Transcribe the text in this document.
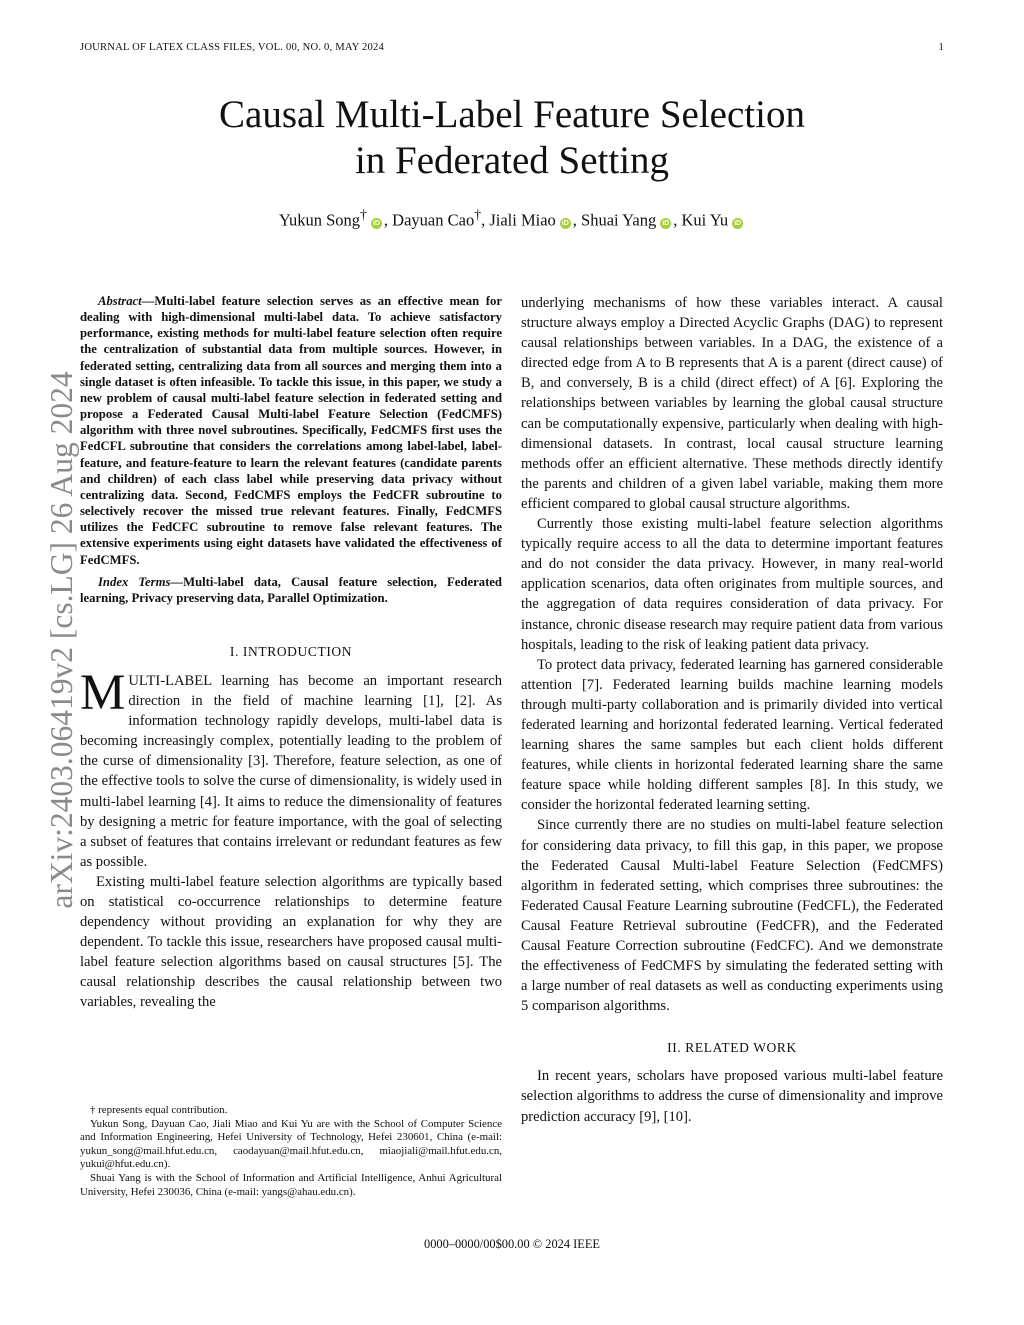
JOURNAL OF LATEX CLASS FILES, VOL. 00, NO. 0, MAY 2024	1
arXiv:2403.06419v2 [cs.LG] 26 Aug 2024
Causal Multi-Label Feature Selection
in Federated Setting
Yukun Song†iD , Dayuan Cao†, Jiali Miao iD , Shuai Yang iD , Kui Yu iD

Abstract—Multi-label feature selection serves as an effective mean for dealing with high-dimensional multi-label data. To achieve satisfactory performance, existing methods for multi-label feature selection often require the centralization of substantial data from multiple sources. However, in federated setting, centralizing data from all sources and merging them into a single dataset is often infeasible. To tackle this issue, in this paper, we study a new problem of causal multi-label feature selection in federated setting and propose a Federated Causal Multi-label Feature Selection (FedCMFS) algorithm with three novel subroutines. Specifically, FedCMFS first uses the FedCFL subroutine that considers the correlations among label-label, label-feature, and feature-feature to learn the relevant features (candidate parents and children) of each class label while preserving data privacy without centralizing data. Second, FedCMFS employs the FedCFR subroutine to selectively recover the missed true relevant features. Finally, FedCMFS utilizes the FedCFC subroutine to remove false relevant features. The extensive experiments using eight datasets have validated the effectiveness of FedCMFS.

Index Terms—Multi-label data, Causal feature selection, Federated learning, Privacy preserving data, Parallel Optimization.

I. INTRODUCTION

MULTI-LABEL learning has become an important research direction in the field of machine learning [1], [2]. As information technology rapidly develops, multi-label data is becoming increasingly complex, potentially leading to the problem of the curse of dimensionality [3]. Therefore, feature selection, as one of the effective tools to solve the curse of dimensionality, is widely used in multi-label learning [4]. It aims to reduce the dimensionality of features by designing a metric for feature importance, with the goal of selecting a subset of features that contains irrelevant or redundant features as few as possible.

Existing multi-label feature selection algorithms are typically based on statistical co-occurrence relationships to determine feature dependency without providing an explanation for why they are dependent. To tackle this issue, researchers have proposed causal multi-label feature selection algorithms based on causal structures [5]. The causal relationship describes the causal relationship between two variables, revealing the

underlying mechanisms of how these variables interact. A causal structure always employ a Directed Acyclic Graphs (DAG) to represent causal relationships between variables. In a DAG, the existence of a directed edge from A to B represents that A is a parent (direct cause) of B, and conversely, B is a child (direct effect) of A [6]. Exploring the relationships between variables by learning the global causal structure can be computationally expensive, particularly when dealing with high-dimensional datasets. In contrast, local causal structure learning methods offer an efficient alternative. These methods directly identify the parents and children of a given label variable, making them more efficient compared to global causal structure algorithms.

Currently those existing multi-label feature selection algorithms typically require access to all the data to determine important features and do not consider the data privacy. However, in many real-world application scenarios, data often originates from multiple sources, and the aggregation of data requires consideration of data privacy. For instance, chronic disease research may require patient data from various hospitals, leading to the risk of leaking patient data privacy.

To protect data privacy, federated learning has garnered considerable attention [7]. Federated learning builds machine learning models through multi-party collaboration and is primarily divided into vertical federated learning and horizontal federated learning. Vertical federated learning shares the same samples but each client holds different features, while clients in horizontal federated learning share the same feature space while holding different samples [8]. In this study, we consider the horizontal federated learning setting.

Since currently there are no studies on multi-label feature selection for considering data privacy, to fill this gap, in this paper, we propose the Federated Causal Multi-label Feature Selection (FedCMFS) algorithm in federated setting, which comprises three subroutines: the Federated Causal Feature Learning subroutine (FedCFL), the Federated Causal Feature Retrieval subroutine (FedCFR), and the Federated Causal Feature Correction subroutine (FedCFC). And we demonstrate the effectiveness of FedCMFS by simulating the federated setting with a large number of real datasets as well as conducting experiments using 5 comparison algorithms.

II. RELATED WORK

In recent years, scholars have proposed various multi-label feature selection algorithms to address the curse of dimensionality and improve prediction accuracy [9], [10].

† represents equal contribution.

Yukun Song, Dayuan Cao, Jiali Miao and Kui Yu are with the School of Computer Science and Information Engineering, Hefei University of Technology, Hefei 230601, China (e-mail: yukun_song@mail.hfut.edu.cn, caodayuan@mail.hfut.edu.cn, miaojiali@mail.hfut.edu.cn, yukui@hfut.edu.cn).

Shuai Yang is with the School of Information and Artificial Intelligence, Anhui Agricultural University, Hefei 230036, China (e-mail: yangs@ahau.edu.cn).

0000–0000/00$00.00 © 2024 IEEE
